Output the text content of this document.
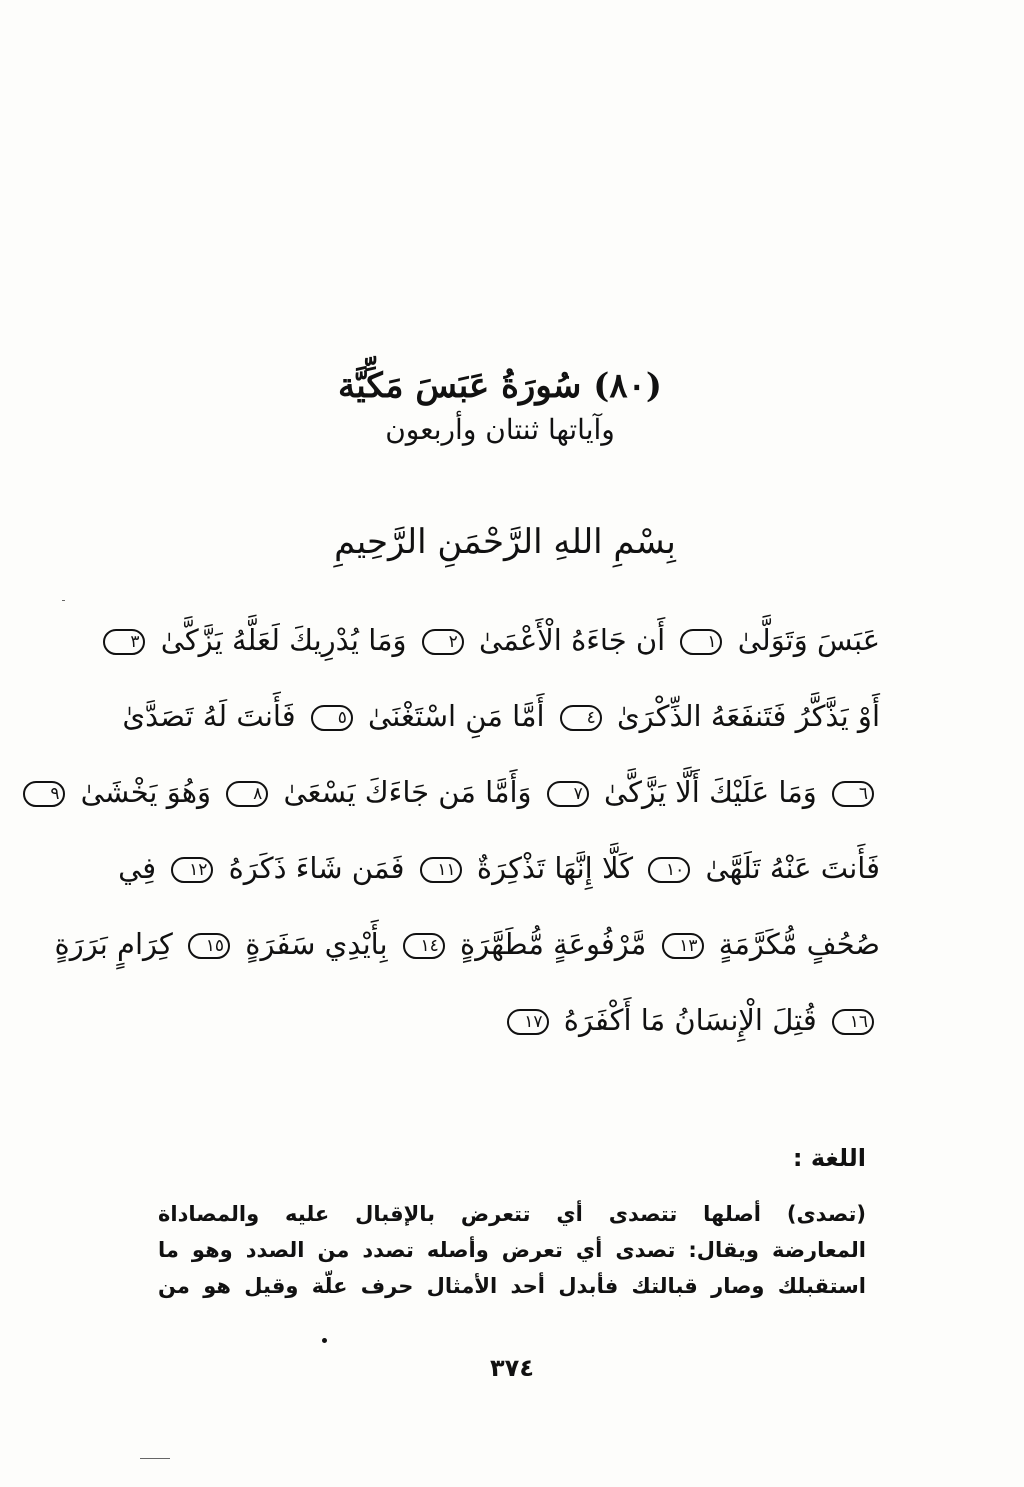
(٨٠) سُورَةُ عَبَسَ مَكِّيَّة
وآياتها ثنتان وأربعون
بِسْمِ اللهِ الرَّحْمَنِ الرَّحِيمِ
عَبَسَ وَتَوَلَّىٰ ١ أَن جَاءَهُ الْأَعْمَىٰ ٢ وَمَا يُدْرِيكَ لَعَلَّهُ يَزَّكَّىٰ ٣
أَوْ يَذَّكَّرُ فَتَنفَعَهُ الذِّكْرَىٰ ٤ أَمَّا مَنِ اسْتَغْنَىٰ ٥ فَأَنتَ لَهُ تَصَدَّىٰ
٦ وَمَا عَلَيْكَ أَلَّا يَزَّكَّىٰ ٧ وَأَمَّا مَن جَاءَكَ يَسْعَىٰ ٨ وَهُوَ يَخْشَىٰ ٩
فَأَنتَ عَنْهُ تَلَهَّىٰ ١٠ كَلَّا إِنَّهَا تَذْكِرَةٌ ١١ فَمَن شَاءَ ذَكَرَهُ ١٢ فِي
صُحُفٍ مُّكَرَّمَةٍ ١٣ مَّرْفُوعَةٍ مُّطَهَّرَةٍ ١٤ بِأَيْدِي سَفَرَةٍ ١٥ كِرَامٍ بَرَرَةٍ
١٦ قُتِلَ الْإِنسَانُ مَا أَكْفَرَهُ ١٧
اللغة :

(تصدى) أصلها تتصدى أي تتعرض بالإقبال عليه والمصاداة

المعارضة ويقال: تصدى أي تعرض وأصله تصدد من الصدد وهو ما

استقبلك وصار قبالتك فأبدل أحد الأمثال حرف علّة وقيل هو من

٣٧٤
